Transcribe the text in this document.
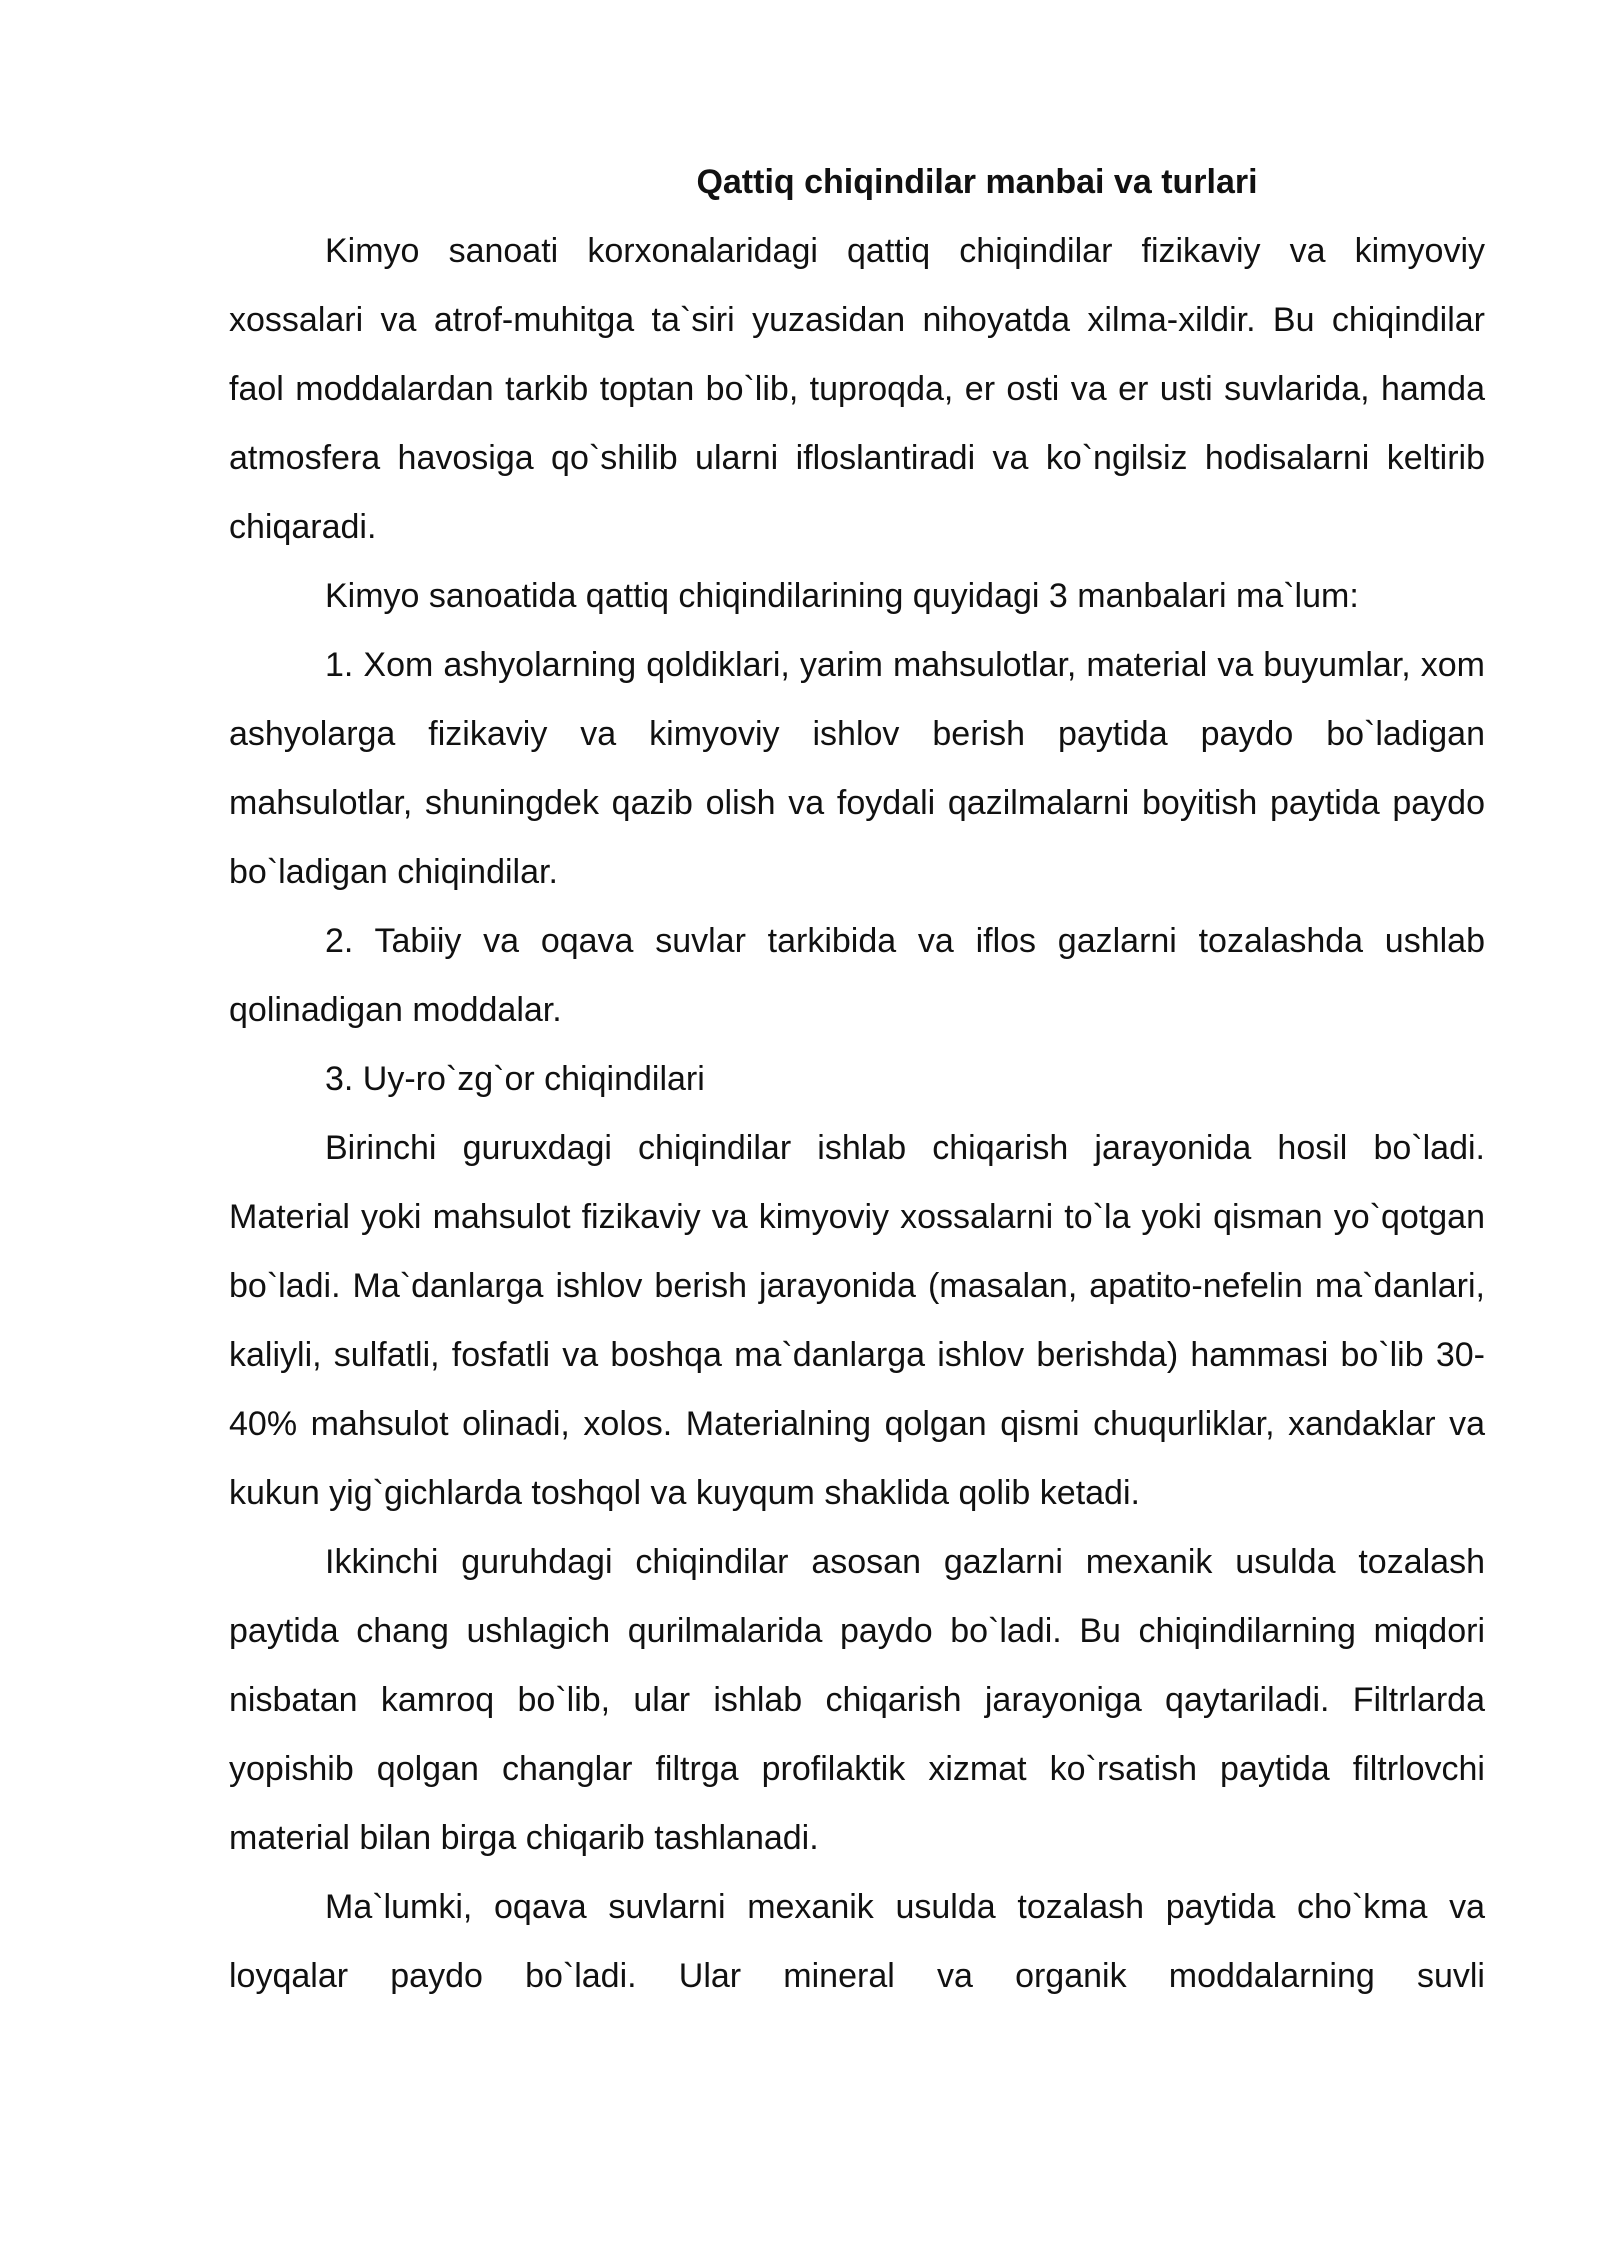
Qattiq chiqindilar manbai va turlari

Kimyo sanoati korxonalaridagi qattiq chiqindilar fizikaviy va kimyoviy xossalari va atrof-muhitga ta`siri yuzasidan nihoyatda xilma-xildir. Bu chiqindilar faol moddalardan tarkib toptan bo`lib, tuproqda, er osti va er usti suvlarida, hamda atmosfera havosiga qo`shilib ularni ifloslantiradi va ko`ngilsiz hodisalarni keltirib chiqaradi.

Kimyo sanoatida qattiq chiqindilarining quyidagi 3 manbalari ma`lum:

1. Xom ashyolarning qoldiklari, yarim mahsulotlar, material va buyumlar, xom ashyolarga fizikaviy va kimyoviy ishlov berish paytida paydo bo`ladigan mahsulotlar, shuningdek qazib olish va foydali qazilmalarni boyitish paytida paydo bo`ladigan chiqindilar.

2. Tabiiy va oqava suvlar tarkibida va iflos gazlarni tozalashda ushlab qolinadigan moddalar.

3. Uy-ro`zg`or chiqindilari

Birinchi guruxdagi chiqindilar ishlab chiqarish jarayonida hosil bo`ladi. Material yoki mahsulot fizikaviy va kimyoviy xossalarni to`la yoki qisman yo`qotgan bo`ladi. Ma`danlarga ishlov berish jarayonida (masalan, apatito-nefelin ma`danlari, kaliyli, sulfatli, fosfatli va boshqa ma`danlarga ishlov berishda) hammasi bo`lib 30-40% mahsulot olinadi, xolos. Materialning qolgan qismi chuqurliklar, xandaklar va kukun yig`gichlarda toshqol va kuyqum shaklida qolib ketadi.

Ikkinchi guruhdagi chiqindilar asosan gazlarni mexanik usulda tozalash paytida chang ushlagich qurilmalarida paydo bo`ladi. Bu chiqindilarning miqdori nisbatan kamroq bo`lib, ular ishlab chiqarish jarayoniga qaytariladi. Filtrlarda yopishib qolgan changlar filtrga profilaktik xizmat ko`rsatish paytida filtrlovchi material bilan birga chiqarib tashlanadi.

Ma`lumki, oqava suvlarni mexanik usulda tozalash paytida cho`kma va loyqalar paydo bo`ladi. Ular mineral va organik moddalarning suvli
